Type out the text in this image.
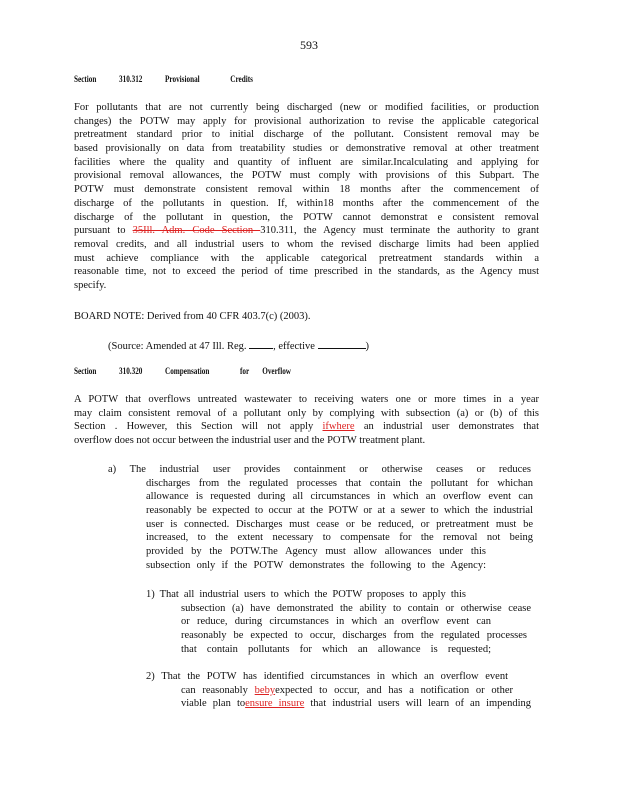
593
Section	310.312	Provisional	Credits
For pollutants that are not currently being discharged (new or modified facilities, or production
changes) the POTW may apply for provisional authorization to revise the applicable categorical
pretreatment standard prior to initial discharge of the pollutant. Consistent removal may be
based provisionally on data from treatability studies or demonstrative removal at other treatment
facilities where the quality and quantity of influent are similar.Incalculating and applying for
provisional removal allowances, the POTW must comply with provisions of this Subpart. The
POTW must demonstrate consistent removal within 18 months after the commencement of
discharge of the pollutants in question. If, within18 months after the commencement of the
discharge of the pollutant in question, the POTW cannot demonstrat e consistent removal
pursuant to 35Ill. Adm. Code Section 310.311, the Agency must terminate the authority to grant
removal credits, and all industrial users to whom the revised discharge limits had been applied
must achieve compliance with the applicable categorical pretreatment standards within a
reasonable time, not to exceed the period of time prescribed in the standards, as the Agency must
specify.
BOARD NOTE: Derived from 40 CFR 403.7(c) (2003).
(Source: Amended at 47 Ill. Reg.	, effective	)
Section	310.320	Compensation	for Overflow
A POTW that overflows untreated wastewater to receiving waters one or more times in a year
may claim consistent removal of a pollutant only by complying with subsection (a) or (b) of this
Section . However, this Section will not apply ifwhere an industrial user demonstrates that
overflow does not occur between the industrial user and the POTW treatment plant.
a) The industrial user provides containment or otherwise ceases or reduces
discharges from the regulated processes that contain the pollutant for whichan
allowance is requested during all circumstances in which an overflow event can
reasonably be expected to occur at the POTW or at a sewer to which the industrial
user is connected. Discharges must cease or be reduced, or pretreatment must be
increased, to the extent necessary to compensate for the removal not being
provided by the POTW.The Agency must allow allowances under this
subsection only if the POTW demonstrates the following to the Agency:
1) That all industrial users to which the POTW proposes to apply this
subsection (a) have demonstrated the ability to contain or otherwise cease
or reduce, during circumstances in which an overflow event can
reasonably be expected to occur, discharges from the regulated processes
that contain pollutants for which an allowance is requested;
2) That the POTW has identified circumstances in which an overflow event
can reasonably bebyexpected to occur, and has a notification or other
viable plan toensure insure that industrial users will learn of an impending
